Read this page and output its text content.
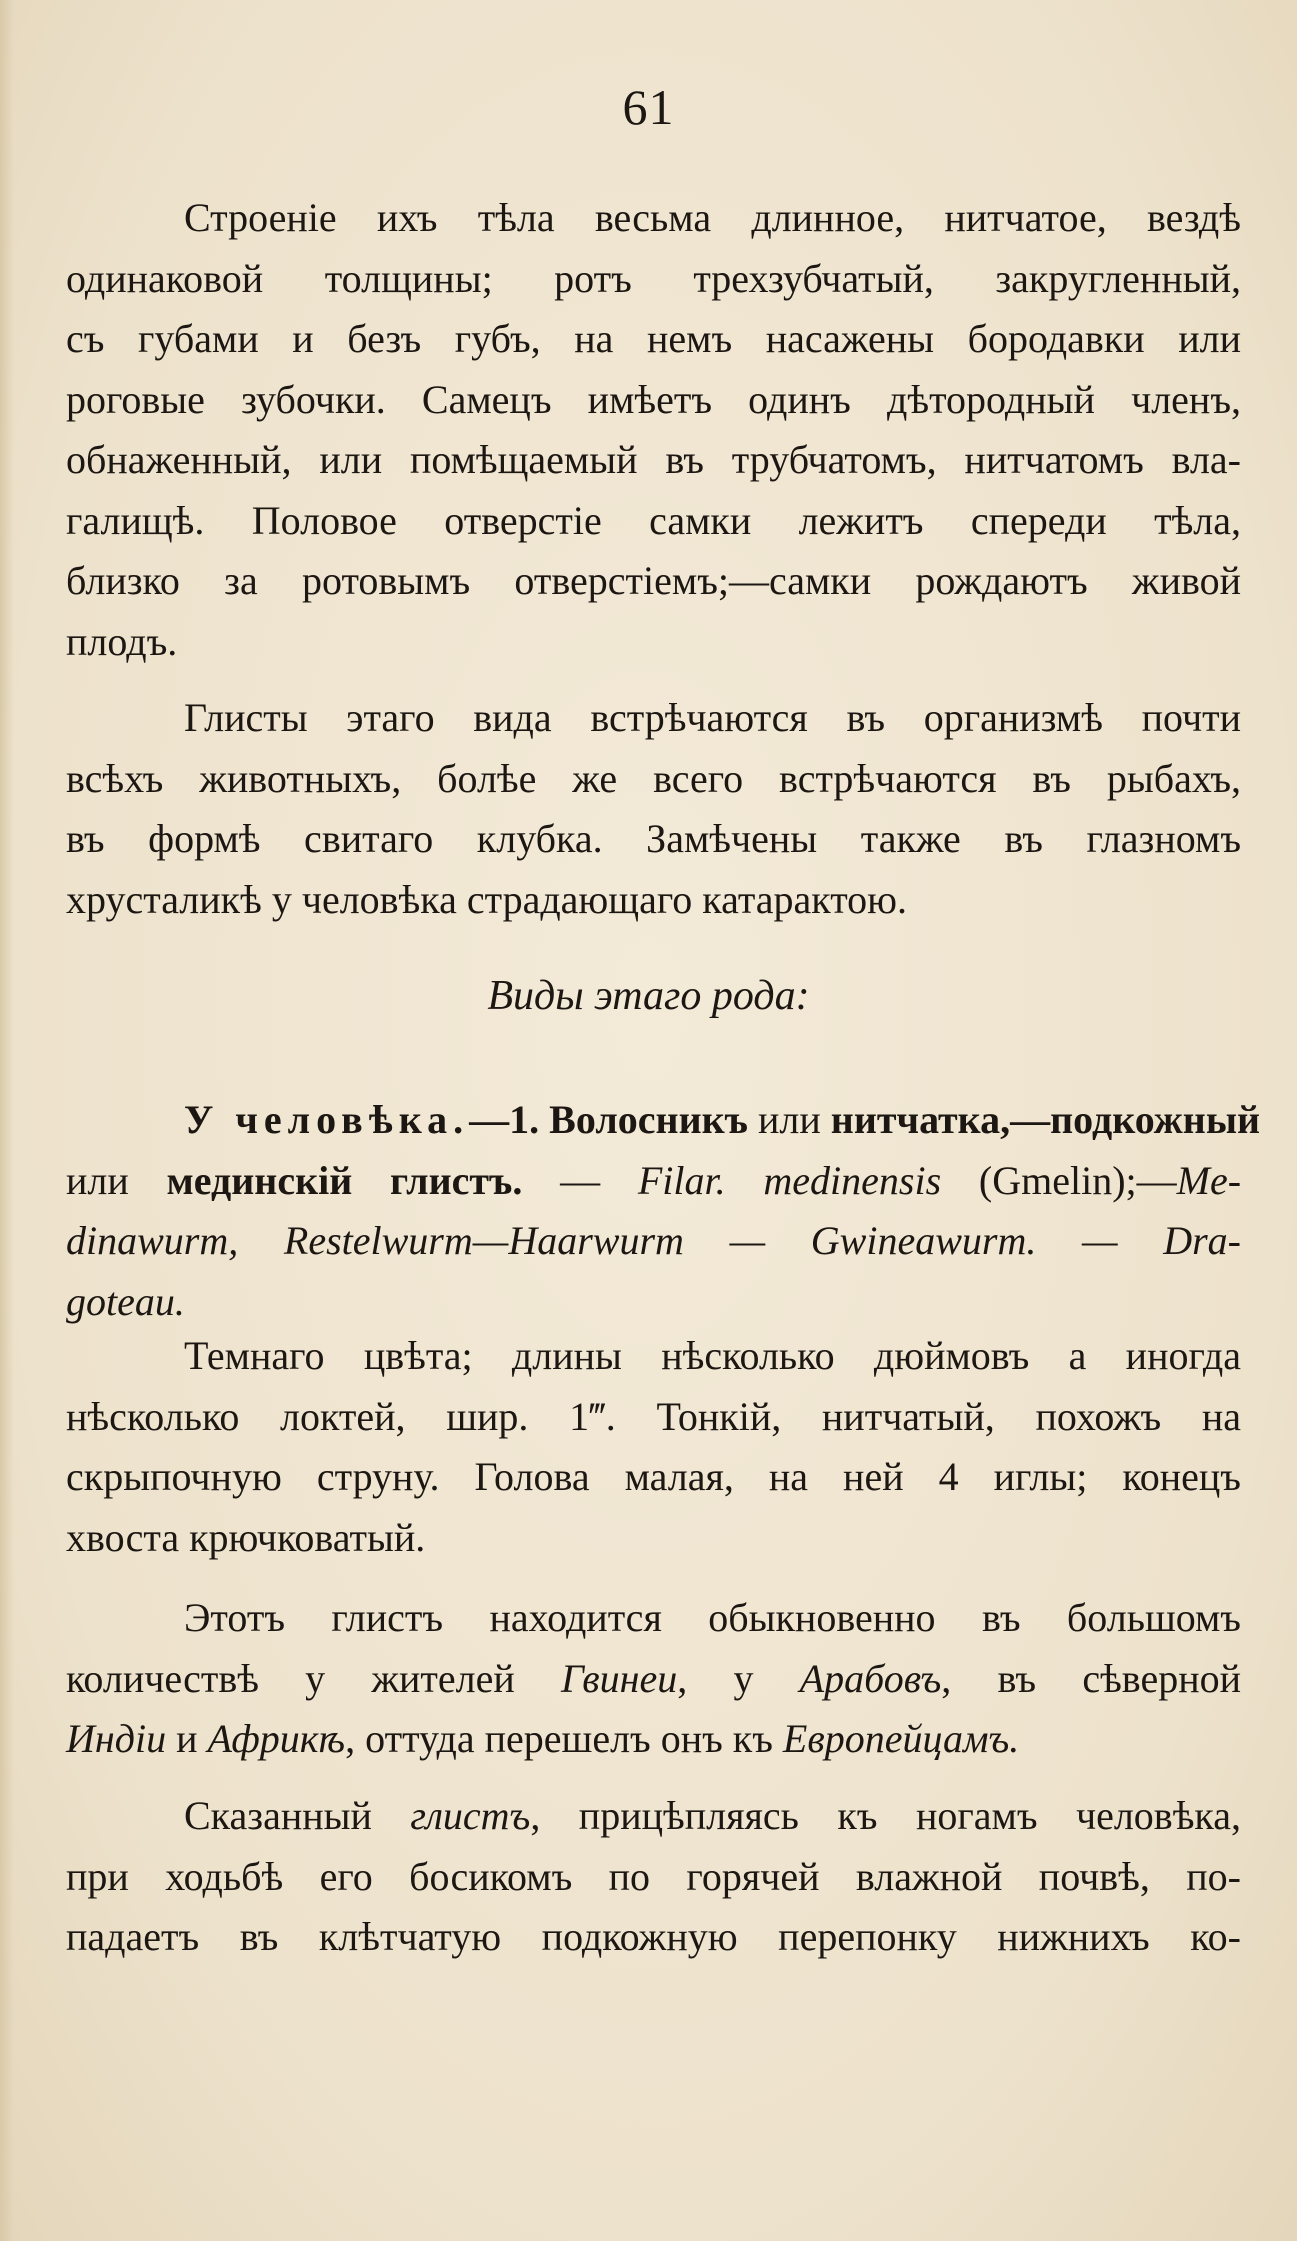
61
Строеніе ихъ тѣла весьма длинное, нитчатое, вездѣ
одинаковой толщины; ротъ трехзубчатый, закругленный,
съ губами и безъ губъ, на немъ насажены бородавки или
роговые зубочки. Самецъ имѣетъ одинъ дѣтородный членъ,
обнаженный, или помѣщаемый въ трубчатомъ, нитчатомъ вла-
галищѣ. Половое отверстіе самки лежитъ спереди тѣла,
близко за ротовымъ отверстіемъ;—самки рождаютъ живой
плодъ.
Глисты этаго вида встрѣчаются въ организмѣ почти
всѣхъ животныхъ, болѣе же всего встрѣчаются въ рыбахъ,
въ формѣ свитаго клубка. Замѣчены также въ глазномъ
хрусталикѣ у человѣка страдающаго катарактою.
Виды этаго рода:
У человѣка.—1. Волосникъ или нитчатка,—подкожный
или мединскій глистъ. — Filar. medinensis (Gmelin);—Me-
dinawurm, Restelwurm—Haarwurm — Gwineawurm. — Dra-
goteau.
Темнаго цвѣта; длины нѣсколько дюймовъ а иногда
нѣсколько локтей, шир. 1‴. Тонкій, нитчатый, похожъ на
скрыпочную струну. Голова малая, на ней 4 иглы; конецъ
хвоста крючковатый.
Этотъ глистъ находится обыкновенно въ большомъ
количествѣ у жителей Гвинеи, у Арабовъ, въ сѣверной
Индіи и Африкѣ, оттуда перешелъ онъ къ Европейцамъ.
Сказанный глистъ, прицѣпляясь къ ногамъ человѣка,
при ходьбѣ его босикомъ по горячей влажной почвѣ, по-
падаетъ въ клѣтчатую подкожную перепонку нижнихъ ко-
